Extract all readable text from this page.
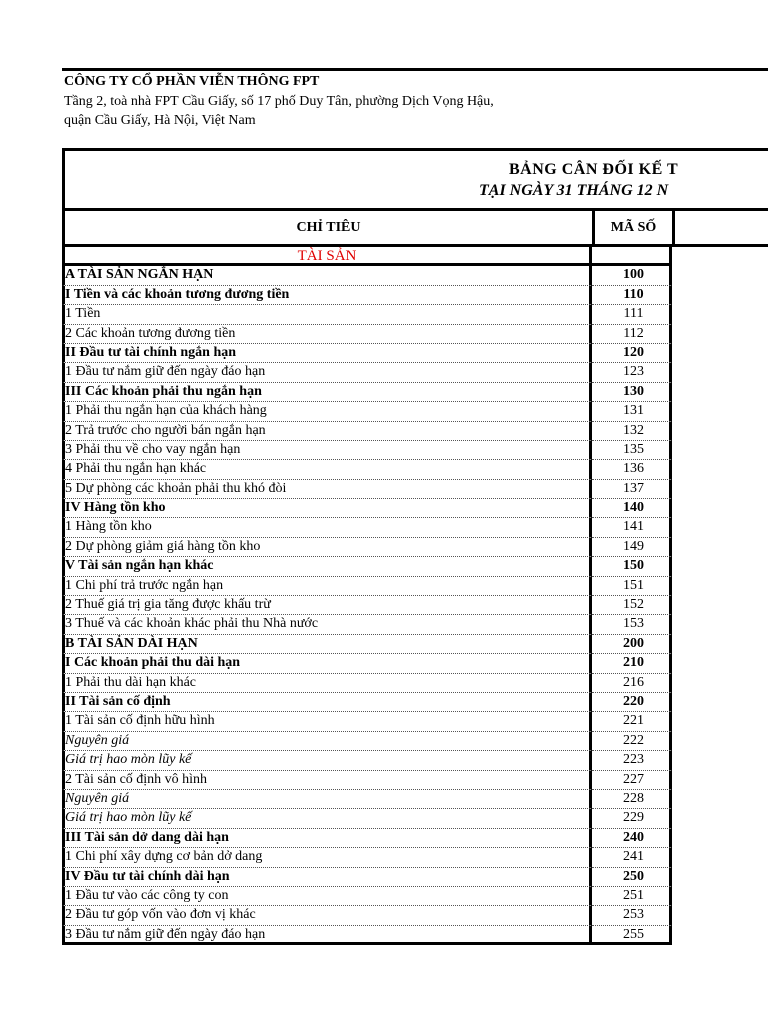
CÔNG TY CỔ PHẦN VIỄN THÔNG FPT
Tầng 2, toà nhà FPT Cầu Giấy, số 17 phố Duy Tân, phường Dịch Vọng Hậu,
quận Cầu Giấy, Hà Nội, Việt Nam
BẢNG CÂN ĐỐI KẾ T
TẠI NGÀY 31 THÁNG 12 N
CHỈ TIÊU	MÃ SỐ
TÀI SẢN
A TÀI SẢN NGẮN HẠN	100
I Tiền và các khoản tương đương tiền	110
1 Tiền	111
2 Các khoản tương đương tiền	112
II Đầu tư tài chính ngắn hạn	120
1 Đầu tư nắm giữ đến ngày đáo hạn	123
III Các khoản phải thu ngắn hạn	130
1 Phải thu ngắn hạn của khách hàng	131
2 Trả trước cho người bán ngắn hạn	132
3 Phải thu về cho vay ngắn hạn	135
4 Phải thu ngắn hạn khác	136
5 Dự phòng các khoản phải thu khó đòi	137
IV Hàng tồn kho	140
1 Hàng tồn kho	141
2 Dự phòng giảm giá hàng tồn kho	149
V Tài sản ngắn hạn khác	150
1 Chi phí trả trước ngắn hạn	151
2 Thuế giá trị gia tăng được khấu trừ	152
3 Thuế và các khoản khác phải thu Nhà nước	153
B TÀI SẢN DÀI HẠN	200
I Các khoản phải thu dài hạn	210
1 Phải thu dài hạn khác	216
II Tài sản cố định	220
1 Tài sản cố định hữu hình	221
Nguyên giá	222
Giá trị hao mòn lũy kế	223
2 Tài sản cố định vô hình	227
Nguyên giá	228
Giá trị hao mòn lũy kế	229
III Tài sản dở dang dài hạn	240
1 Chi phí xây dựng cơ bản dở dang	241
IV Đầu tư tài chính dài hạn	250
1 Đầu tư vào các công ty con	251
2 Đầu tư góp vốn vào đơn vị khác	253
3 Đầu tư nắm giữ đến ngày đáo hạn	255
